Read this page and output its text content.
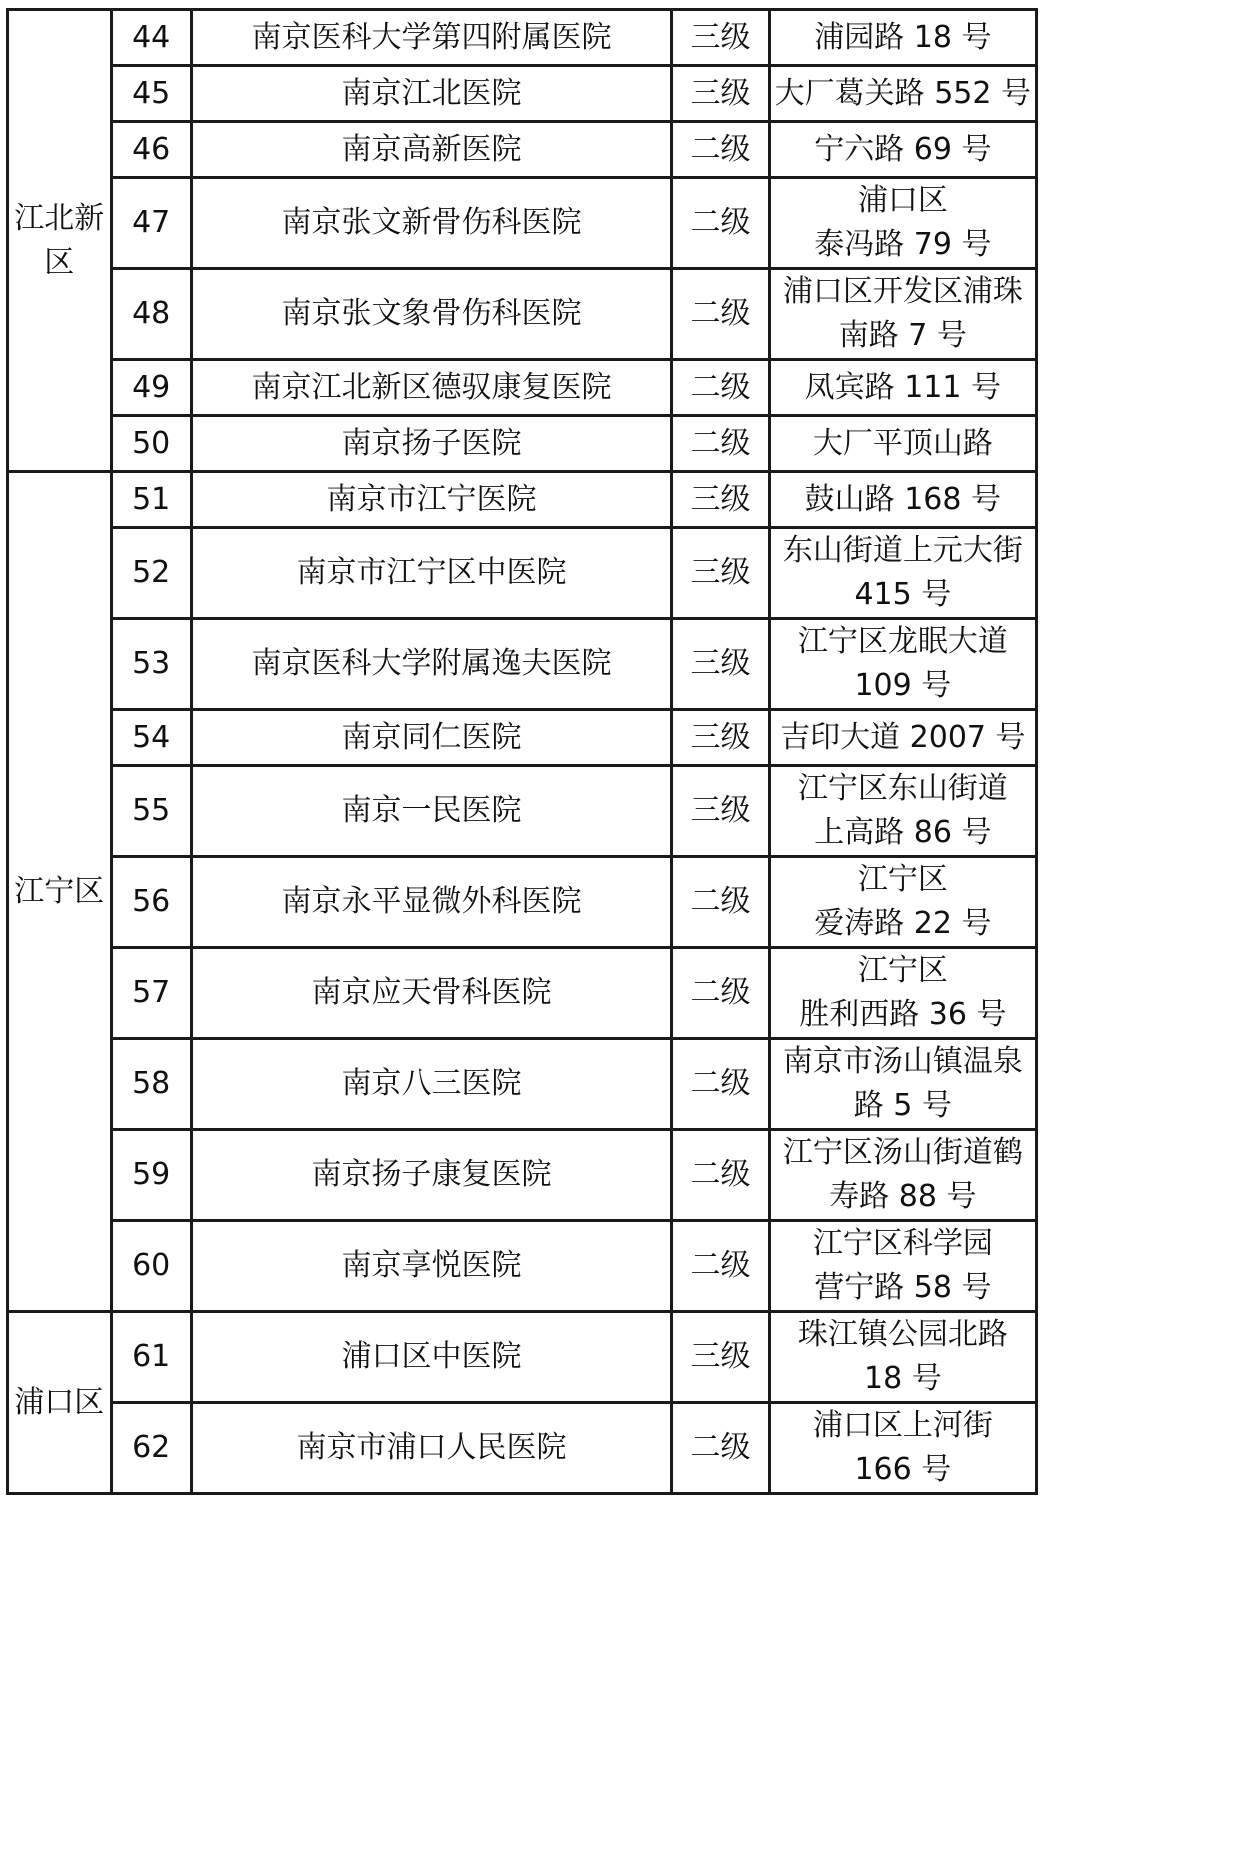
江北新区	44	南京医科大学第四附属医院	三级	浦园路 18 号

	45	南京江北医院	三级	大厂葛关路 552 号

	46	南京高新医院	二级	宁六路 69 号

	47	南京张文新骨伤科医院	二级	浦口区
泰冯路 79 号

	48	南京张文象骨伤科医院	二级	浦口区开发区浦珠
南路 7 号

	49	南京江北新区德驭康复医院	二级	凤宾路 111 号

	50	南京扬子医院	二级	大厂平顶山路

江宁区	51	南京市江宁医院	三级	鼓山路 168 号

	52	南京市江宁区中医院	三级	东山街道上元大街
415 号

	53	南京医科大学附属逸夫医院	三级	江宁区龙眠大道
109 号

	54	南京同仁医院	三级	吉印大道 2007 号

	55	南京一民医院	三级	江宁区东山街道
上高路 86 号

	56	南京永平显微外科医院	二级	江宁区
爱涛路 22 号

	57	南京应天骨科医院	二级	江宁区
胜利西路 36 号

	58	南京八三医院	二级	南京市汤山镇温泉
路 5 号

	59	南京扬子康复医院	二级	江宁区汤山街道鹤
寿路 88 号

	60	南京享悦医院	二级	江宁区科学园
营宁路 58 号

浦口区	61	浦口区中医院	三级	珠江镇公园北路
18 号

	62	南京市浦口人民医院	二级	浦口区上河街
166 号
